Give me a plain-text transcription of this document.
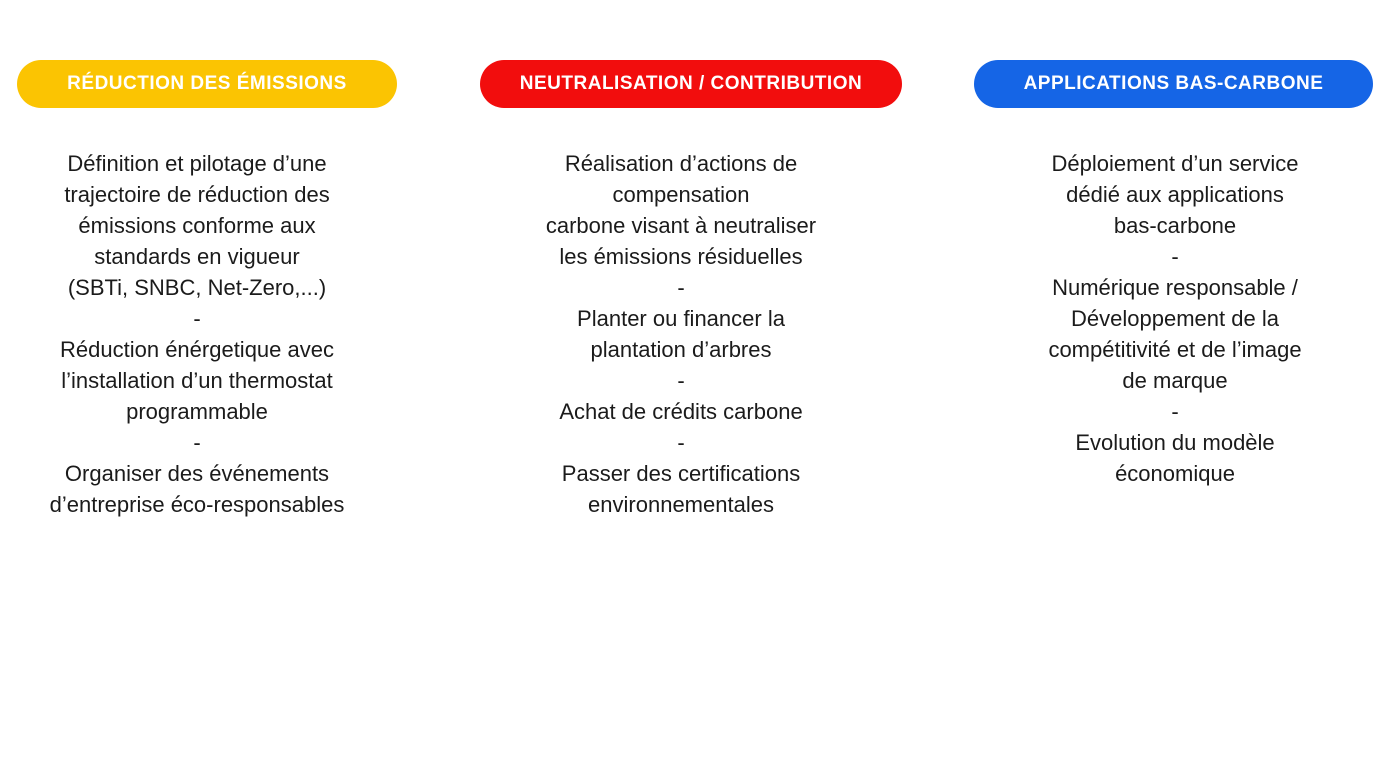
RÉDUCTION DES ÉMISSIONS
Définition et pilotage d’une
trajectoire de réduction des
émissions conforme aux
standards en vigueur
(SBTi, SNBC, Net-Zero,...)
-
Réduction énérgetique avec
l’installation d’un thermostat
programmable
-
Organiser des événements
d’entreprise éco-responsables
NEUTRALISATION / CONTRIBUTION
Réalisation d’actions de
compensation
carbone visant à neutraliser
les émissions résiduelles
-
Planter ou financer la
plantation d’arbres
-
Achat de crédits carbone
-
Passer des certifications
environnementales
APPLICATIONS BAS-CARBONE
Déploiement d’un service
dédié aux applications
bas-carbone
-
Numérique responsable /
Développement de la
compétitivité et de l’image
de marque
-
Evolution du modèle
économique
